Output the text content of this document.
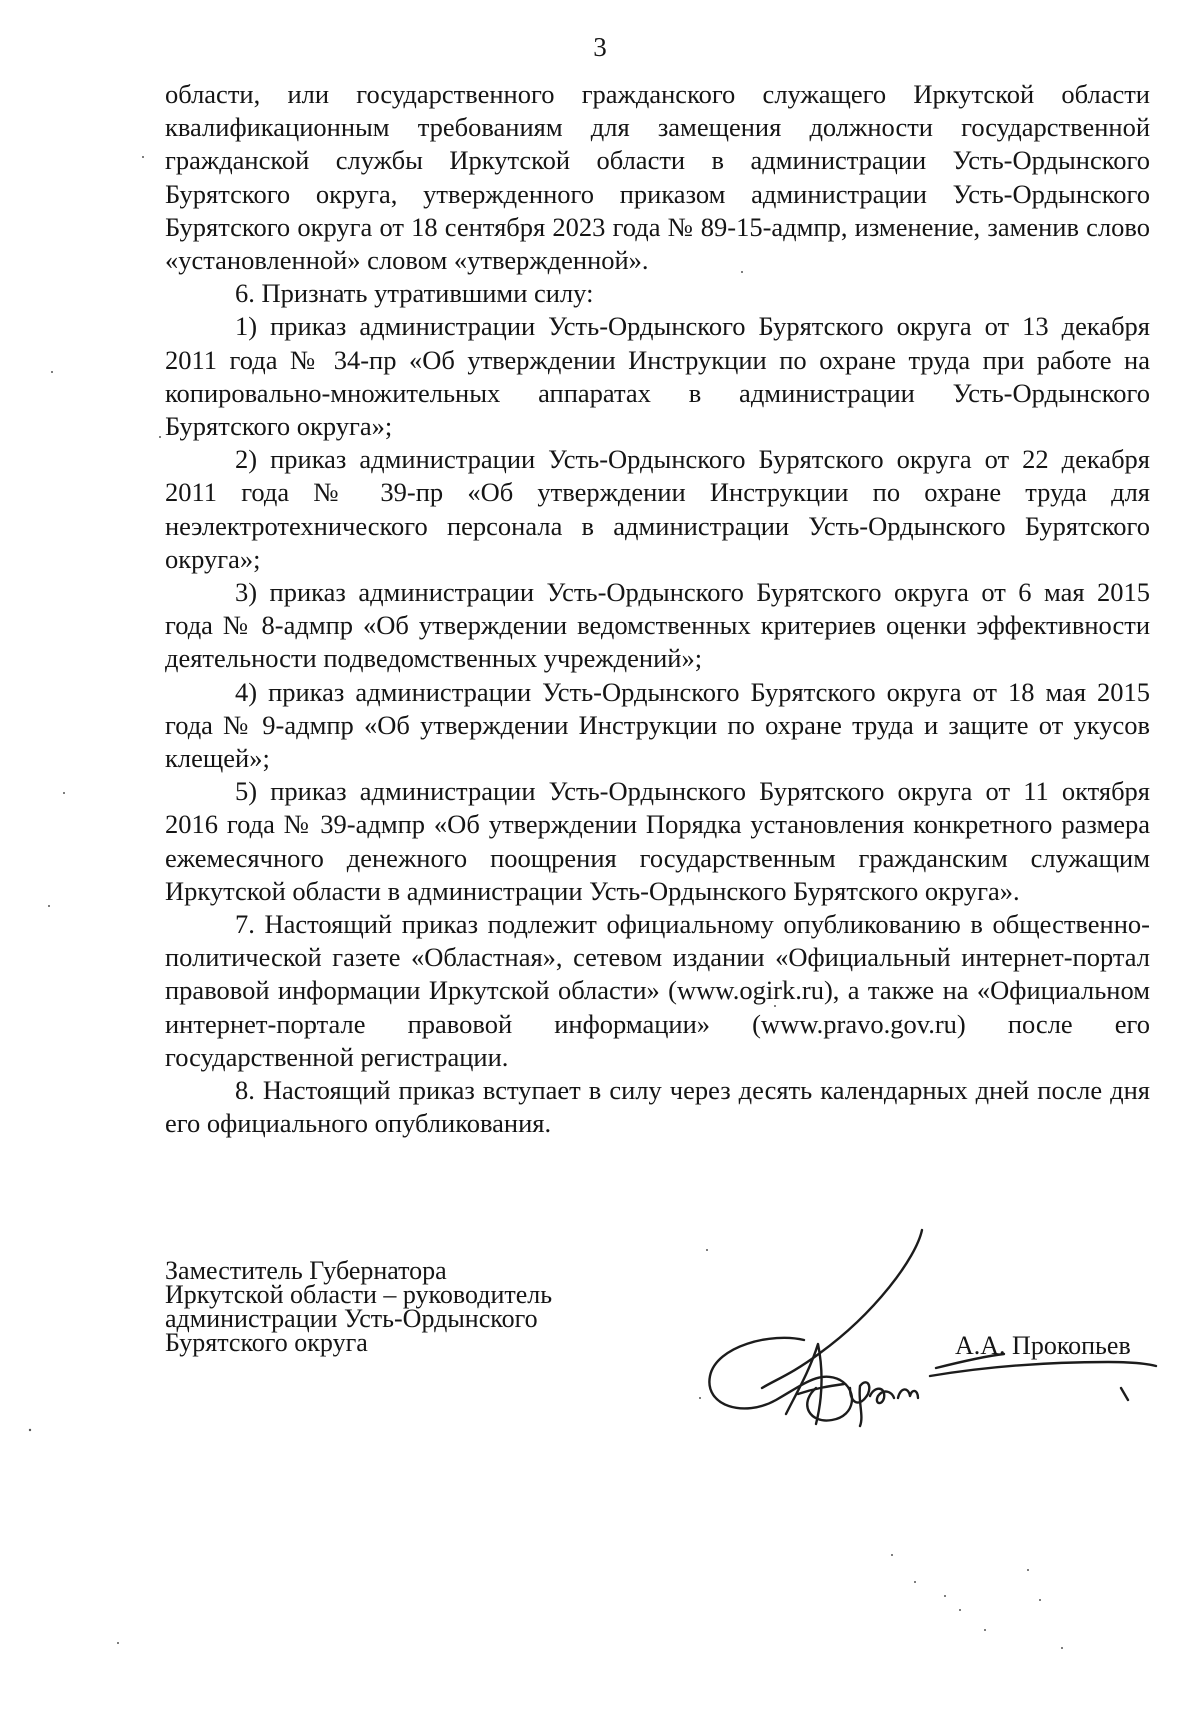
3

области, или государственного гражданского служащего Иркутской области квалификационным требованиям для замещения должности государственной гражданской службы Иркутской области в администрации Усть-Ордынского Бурятского округа, утвержденного приказом администрации Усть-Ордынского Бурятского округа от 18 сентября 2023 года № 89-15-адмпр, изменение, заменив слово «установленной» словом «утвержденной».

6. Признать утратившими силу:

1) приказ администрации Усть-Ордынского Бурятского округа от 13 декабря 2011 года № 34-пр «Об утверждении Инструкции по охране труда при работе на копировально-множительных аппаратах в администрации Усть-Ордынского Бурятского округа»;

2) приказ администрации Усть-Ордынского Бурятского округа от 22 декабря 2011 года № 39-пр «Об утверждении Инструкции по охране труда для неэлектротехнического персонала в администрации Усть-Ордынского Бурятского округа»;

3) приказ администрации Усть-Ордынского Бурятского округа от 6 мая 2015 года № 8-адмпр «Об утверждении ведомственных критериев оценки эффективности деятельности подведомственных учреждений»;

4) приказ администрации Усть-Ордынского Бурятского округа от 18 мая 2015 года № 9-адмпр «Об утверждении Инструкции по охране труда и защите от укусов клещей»;

5) приказ администрации Усть-Ордынского Бурятского округа от 11 октября 2016 года № 39-адмпр «Об утверждении Порядка установления конкретного размера ежемесячного денежного поощрения государственным гражданским служащим Иркутской области в администрации Усть-Ордынского Бурятского округа».

7. Настоящий приказ подлежит официальному опубликованию в общественно-политической газете «Областная», сетевом издании «Официальный интернет-портал правовой информации Иркутской области» (www.ogirk.ru), а также на «Официальном интернет-портале правовой информации» (www.pravo.gov.ru) после его государственной регистрации.

8. Настоящий приказ вступает в силу через десять календарных дней после дня его официального опубликования.

Заместитель Губернатора
Иркутской области – руководитель
администрации Усть-Ордынского
Бурятского округа	А.А. Прокопьев
